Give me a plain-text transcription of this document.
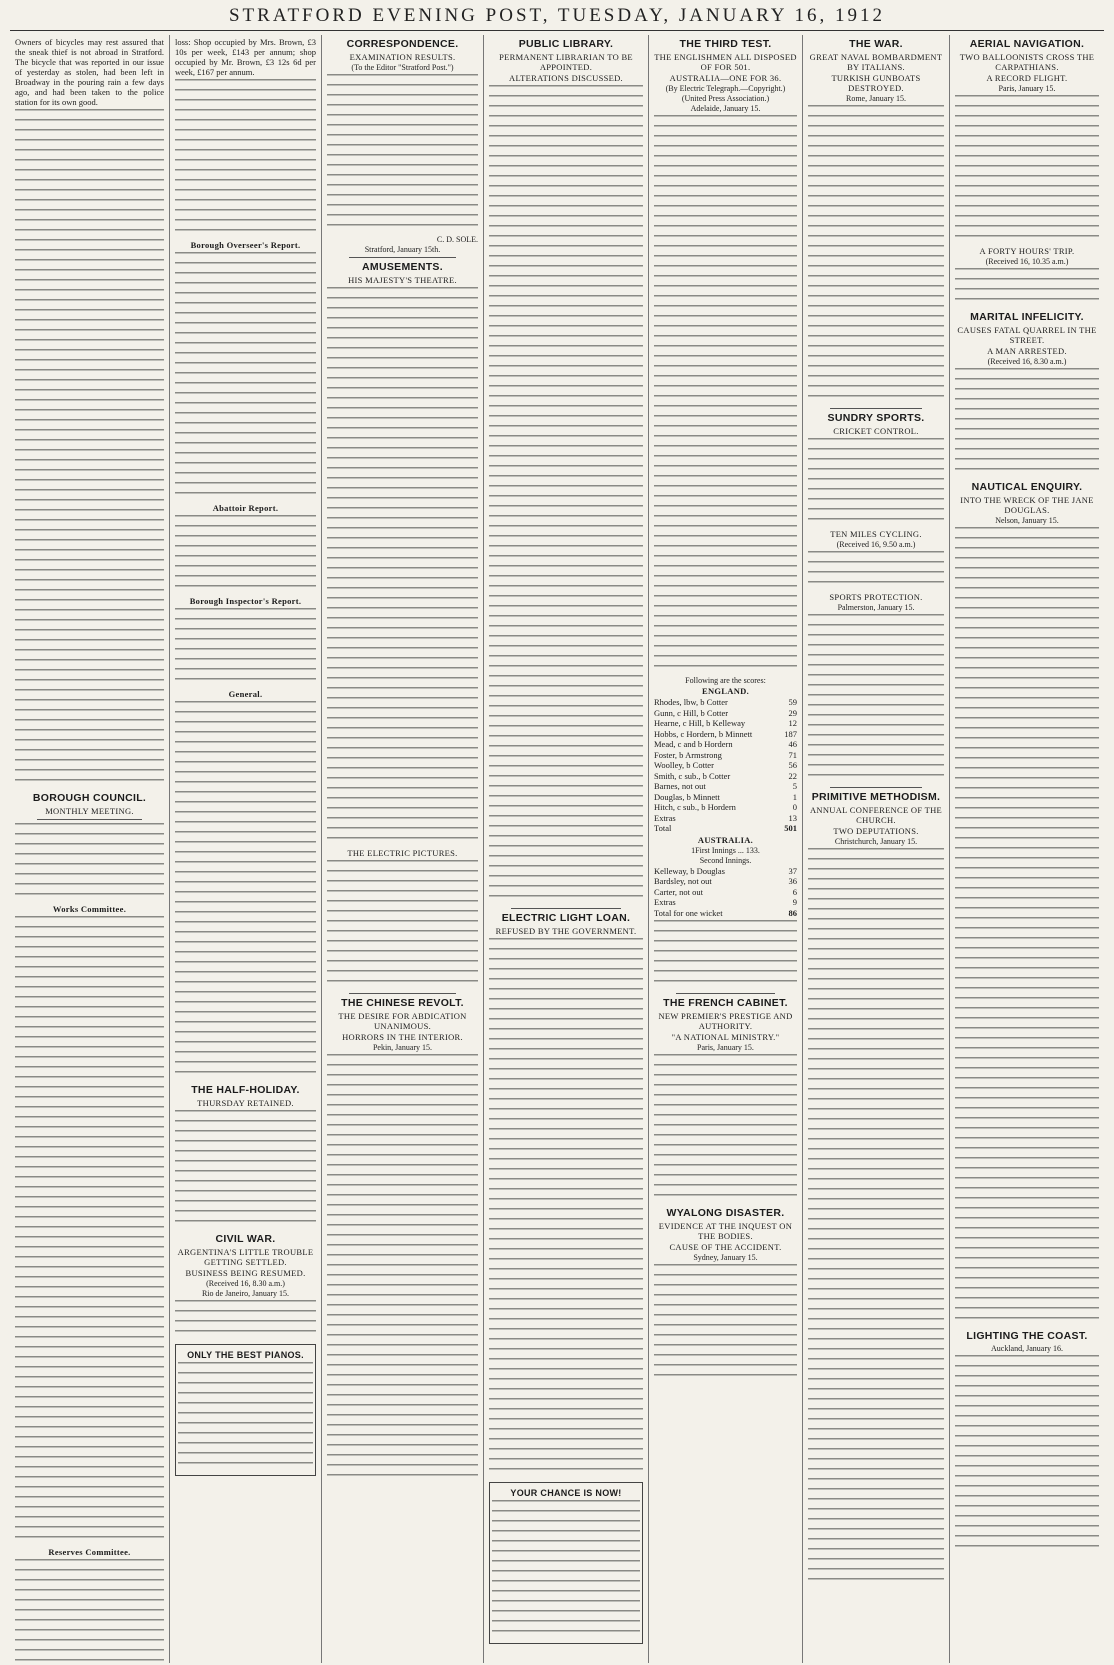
STRATFORD EVENING POST, TUESDAY, JANUARY 16, 1912

Owners of bicycles may rest assured that the sneak thief is not abroad in Stratford. The bicycle that was reported in our issue of yesterday as stolen, had been left in Broadway in the pouring rain a few days ago, and had been taken to the police station for its own good.

BOROUGH COUNCIL.
MONTHLY MEETING.
Works Committee.
Reserves Committee.

loss: Shop occupied by Mrs. Brown, £3 10s per week, £143 per annum; shop occupied by Mr. Brown, £3 12s 6d per week, £167 per annum.

Borough Overseer's Report.
Abattoir Report.
Borough Inspector's Report.
General.
THE HALF-HOLIDAY.
THURSDAY RETAINED.
CIVIL WAR.
ARGENTINA'S LITTLE TROUBLE GETTING SETTLED.
BUSINESS BEING RESUMED.
(Received 16, 8.30 a.m.)
Rio de Janeiro, January 15.
ONLY THE BEST PIANOS.
CORRESPONDENCE.
EXAMINATION RESULTS.
(To the Editor "Stratford Post.")
C. D. SOLE.
Stratford, January 15th.
AMUSEMENTS.
HIS MAJESTY'S THEATRE.
THE ELECTRIC PICTURES.
THE CHINESE REVOLT.
THE DESIRE FOR ABDICATION UNANIMOUS.
HORRORS IN THE INTERIOR.
Pekin, January 15.
PUBLIC LIBRARY.
PERMANENT LIBRARIAN TO BE APPOINTED.
ALTERATIONS DISCUSSED.
ELECTRIC LIGHT LOAN.
REFUSED BY THE GOVERNMENT.
YOUR CHANCE IS NOW!
THE THIRD TEST.
THE ENGLISHMEN ALL DISPOSED OF FOR 501.
AUSTRALIA—ONE FOR 36.
(By Electric Telegraph.—Copyright.)
(United Press Association.)
Adelaide, January 15.
Following are the scores:
ENGLAND.
Rhodes, lbw, b Cotter	59
Gunn, c Hill, b Cotter	29
Hearne, c Hill, b Kelleway	12
Hobbs, c Hordern, b Minnett	187
Mead, c and b Hordern	46
Foster, b Armstrong	71
Woolley, b Cotter	56
Smith, c sub., b Cotter	22
Barnes, not out	5
Douglas, b Minnett	1
Hitch, c sub., b Hordern	0
Extras	13
Total	501
AUSTRALIA.
1First Innings ... 133.
Second Innings.
Kelleway, b Douglas	37
Bardsley, not out	36
Carter, not out	6
Extras	9
Total for one wicket	86
THE FRENCH CABINET.
NEW PREMIER'S PRESTIGE AND AUTHORITY.
"A NATIONAL MINISTRY."
Paris, January 15.
WYALONG DISASTER.
EVIDENCE AT THE INQUEST ON THE BODIES.
CAUSE OF THE ACCIDENT.
Sydney, January 15.
THE WAR.
GREAT NAVAL BOMBARDMENT BY ITALIANS.
TURKISH GUNBOATS DESTROYED.
Rome, January 15.
SUNDRY SPORTS.
CRICKET CONTROL.
TEN MILES CYCLING.
(Received 16, 9.50 a.m.)
SPORTS PROTECTION.
Palmerston, January 15.
PRIMITIVE METHODISM.
ANNUAL CONFERENCE OF THE CHURCH.
TWO DEPUTATIONS.
Christchurch, January 15.
AERIAL NAVIGATION.
TWO BALLOONISTS CROSS THE CARPATHIANS.
A RECORD FLIGHT.
Paris, January 15.
A FORTY HOURS' TRIP.
(Received 16, 10.35 a.m.)
MARITAL INFELICITY.
CAUSES FATAL QUARREL IN THE STREET.
A MAN ARRESTED.
(Received 16, 8.30 a.m.)
NAUTICAL ENQUIRY.
INTO THE WRECK OF THE JANE DOUGLAS.
Nelson, January 15.
LIGHTING THE COAST.
Auckland, January 16.
